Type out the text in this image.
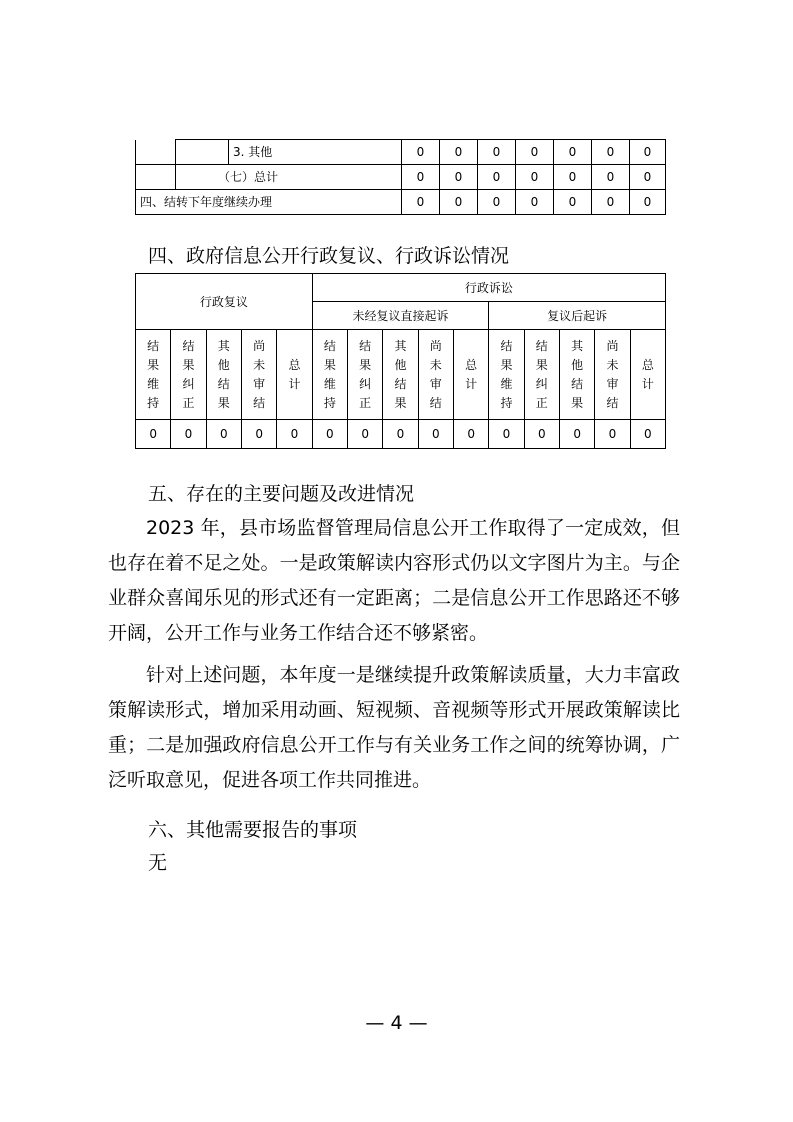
		3. 其他	0	0	0	0	0	0	0
	（七）总计		0	0	0	0	0	0	0
四、结转下年度继续办理			0	0	0	0	0	0	0
四、政府信息公开行政复议、行政诉讼情况
行政复议					行政诉讼									
					未经复议直接起诉					复议后起诉				
结果维持	结果纠正	其他结果	尚未审结	总计	结果维持	结果纠正	其他结果	尚未审结	总计	结果维持	结果纠正	其他结果	尚未审结	总计
0	0	0	0	0	0	0	0	0	0	0	0	0	0	0
五、存在的主要问题及改进情况
2023 年，县市场监督管理局信息公开工作取得了一定成效，但也存在着不足之处。一是政策解读内容形式仍以文字图片为主。与企业群众喜闻乐见的形式还有一定距离；二是信息公开工作思路还不够开阔，公开工作与业务工作结合还不够紧密。
针对上述问题，本年度一是继续提升政策解读质量，大力丰富政策解读形式，增加采用动画、短视频、音视频等形式开展政策解读比重；二是加强政府信息公开工作与有关业务工作之间的统筹协调，广泛听取意见，促进各项工作共同推进。
六、其他需要报告的事项
无
— 4 —
